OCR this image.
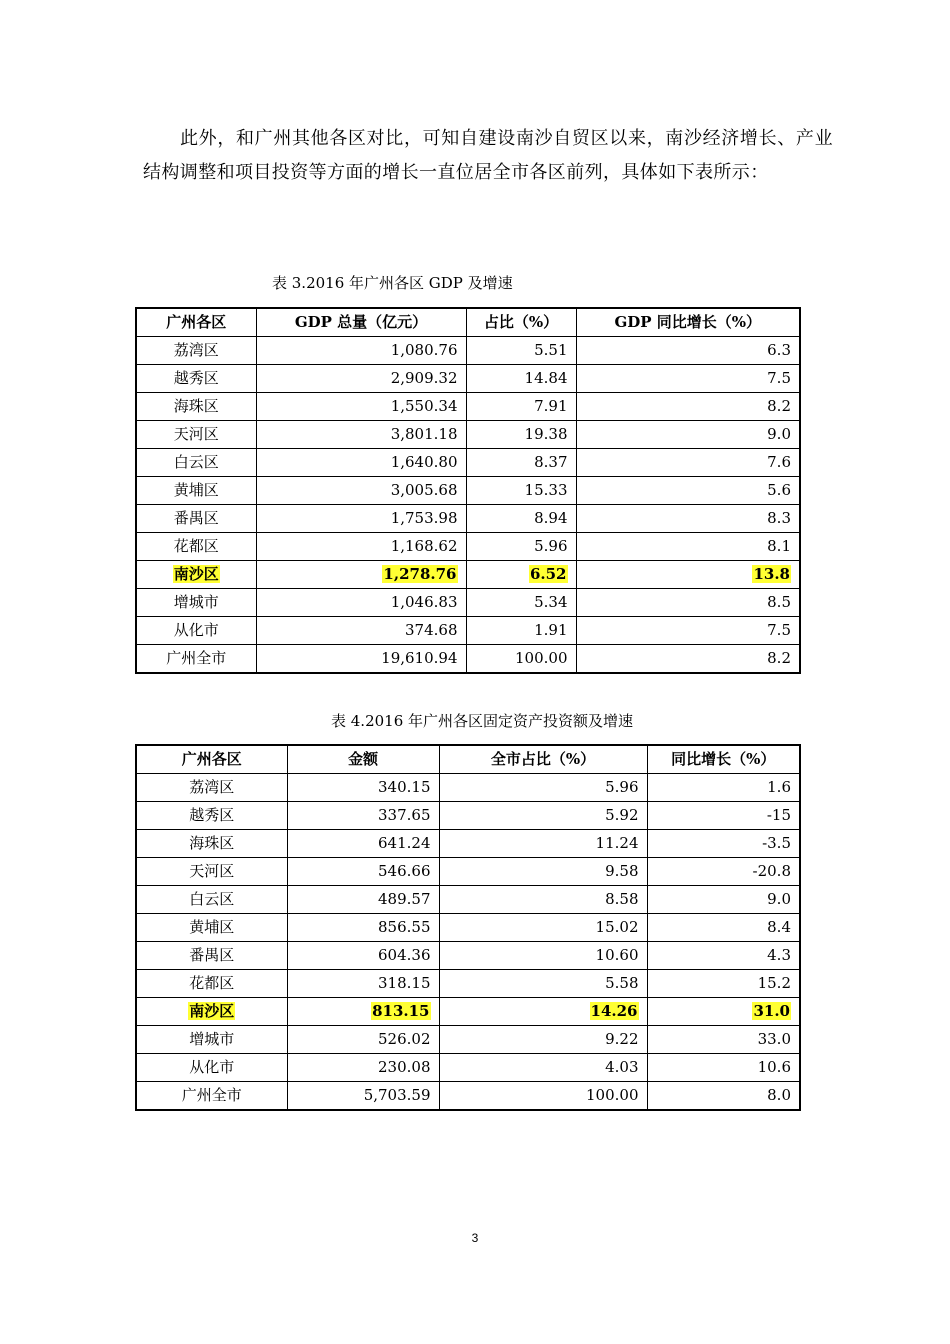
此外，和广州其他各区对比，可知自建设南沙自贸区以来，南沙经济增长、产业结构调整和项目投资等方面的增长一直位居全市各区前列，具体如下表所示：

表 3.2016 年广州各区 GDP 及增速
广州各区	GDP 总量（亿元）	占比（%）	GDP 同比增长（%）
荔湾区	1,080.76	5.51	6.3
越秀区	2,909.32	14.84	7.5
海珠区	1,550.34	7.91	8.2
天河区	3,801.18	19.38	9.0
白云区	1,640.80	8.37	7.6
黄埔区	3,005.68	15.33	5.6
番禺区	1,753.98	8.94	8.3
花都区	1,168.62	5.96	8.1
南沙区	1,278.76	6.52	13.8
增城市	1,046.83	5.34	8.5
从化市	374.68	1.91	7.5
广州全市	19,610.94	100.00	8.2
表 4.2016 年广州各区固定资产投资额及增速
广州各区	金额	全市占比（%）	同比增长（%）
荔湾区	340.15	5.96	1.6
越秀区	337.65	5.92	-15
海珠区	641.24	11.24	-3.5
天河区	546.66	9.58	-20.8
白云区	489.57	8.58	9.0
黄埔区	856.55	15.02	8.4
番禺区	604.36	10.60	4.3
花都区	318.15	5.58	15.2
南沙区	813.15	14.26	31.0
增城市	526.02	9.22	33.0
从化市	230.08	4.03	10.6
广州全市	5,703.59	100.00	8.0
3
